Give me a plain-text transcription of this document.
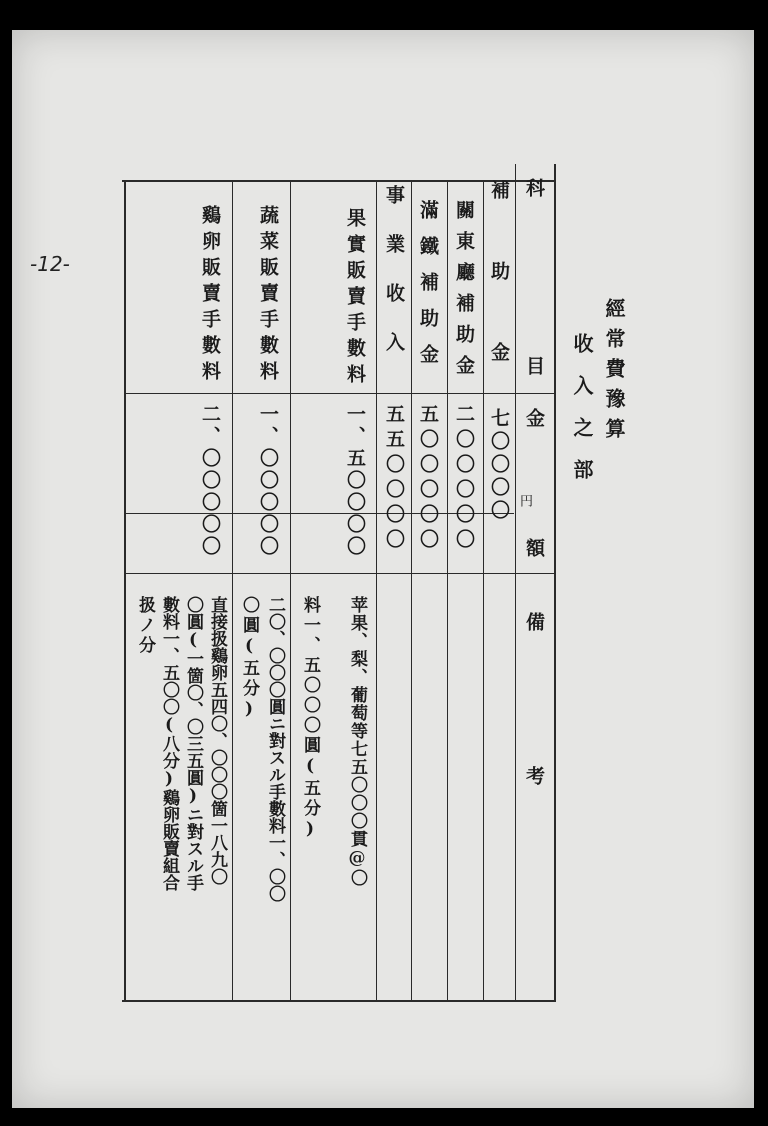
-12-
經常費豫算
收入之部
科
目
金
円
額
備
考
補助金
七〇〇〇〇
關東廳補助金
二〇〇〇〇〇
滿鐵補助金
五〇〇〇〇〇
事業收入
五五〇〇〇〇
果實販賣手數料
一、五〇〇〇〇
苹果、梨、葡萄等七五〇〇〇貫@〇
料一、五〇〇〇圓(五分)
蔬菜販賣手數料
一、〇〇〇〇〇
二〇、〇〇〇圓ニ對スル手數料一、〇〇
〇圓(五分)
鷄卵販賣手數料
二、〇〇〇〇〇
直接扱鷄卵五四〇、〇〇〇箇一八九〇
〇圓(一箇〇、〇三五圓)ニ對スル手
數料一、五〇〇(八分)鷄卵販賣組合
扱ノ分
